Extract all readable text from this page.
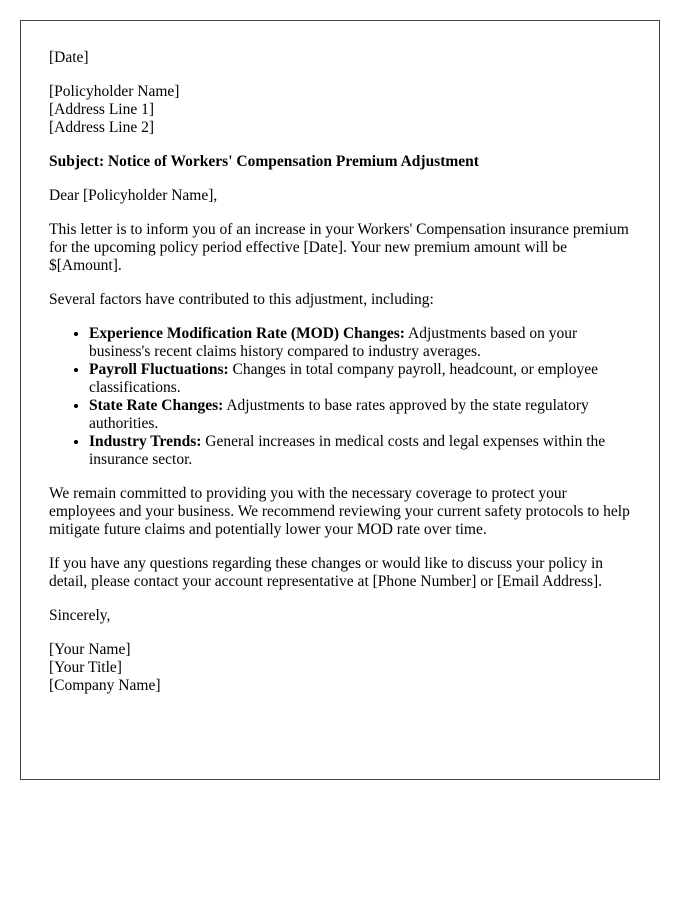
[Date]

[Policyholder Name]

[Address Line 1]

[Address Line 2]

Subject: Notice of Workers' Compensation Premium Adjustment

Dear [Policyholder Name],

This letter is to inform you of an increase in your Workers' Compensation insurance premium for the upcoming policy period effective [Date]. Your new premium amount will be $[Amount].

Several factors have contributed to this adjustment, including:

• Experience Modification Rate (MOD) Changes: Adjustments based on your business's recent claims history compared to industry averages.
• Payroll Fluctuations: Changes in total company payroll, headcount, or employee classifications.
• State Rate Changes: Adjustments to base rates approved by the state regulatory authorities.
• Industry Trends: General increases in medical costs and legal expenses within the insurance sector.

We remain committed to providing you with the necessary coverage to protect your employees and your business. We recommend reviewing your current safety protocols to help mitigate future claims and potentially lower your MOD rate over time.

If you have any questions regarding these changes or would like to discuss your policy in detail, please contact your account representative at [Phone Number] or [Email Address].

Sincerely,

[Your Name]

[Your Title]

[Company Name]
